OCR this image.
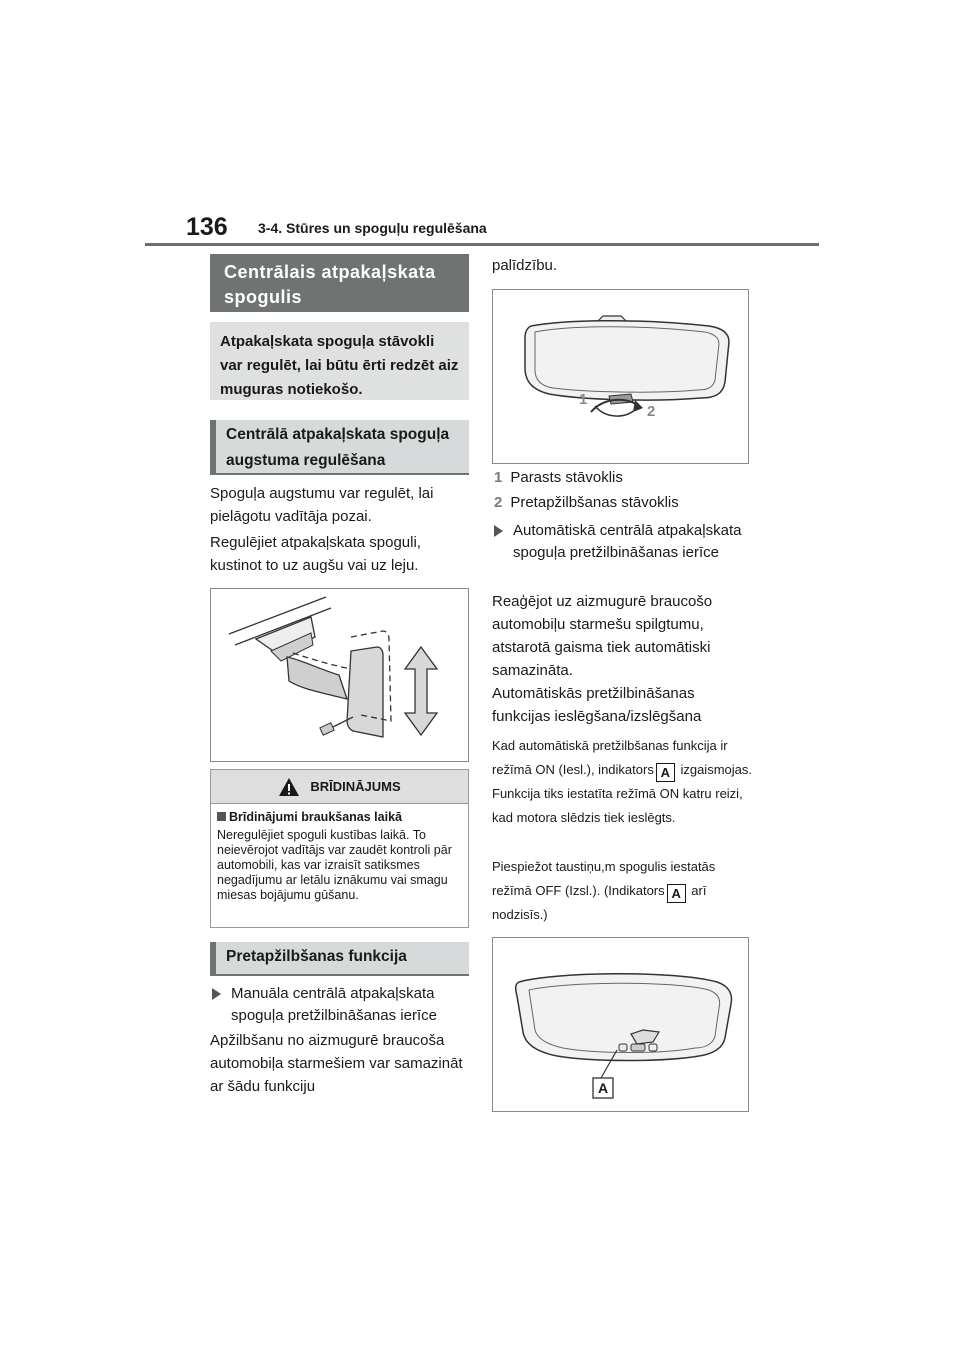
136 3-4. Stūres un spoguļu regulēšana
Centrālais atpakaļskata spogulis
Atpakaļskata spoguļa stāvokli var regulēt, lai būtu ērti redzēt aiz muguras notiekošo.
Centrālā atpakaļskata spoguļa augstuma regulēšana
Spoguļa augstumu var regulēt, lai pielāgotu vadītāja pozai.
Regulējiet atpakaļskata spoguli, kustinot to uz augšu vai uz leju.
BRĪDINĀJUMS
Brīdinājumi braukšanas laikā
Neregulējiet spoguli kustības laikā. To neievērojot vadītājs var zaudēt kontroli pār automobili, kas var izraisīt satiksmes negadījumu ar letālu iznākumu vai smagu miesas bojājumu gūšanu.
Pretapžilbšanas funkcija
Manuāla centrālā atpakaļskata spoguļa pretžilbināšanas ierīce
Apžilbšanu no aizmugurē braucoša automobiļa starmešiem var samazināt ar šādu funkciju
palīdzību.
1
2
1 Parasts stāvoklis
2 Pretapžilbšanas stāvoklis
Automātiskā centrālā atpakaļskata spoguļa pretžilbināšanas ierīce
Reaģējot uz aizmugurē braucošo automobiļu starmešu spilgtumu, atstarotā gaisma tiek automātiski samazināta.
Automātiskās pretžilbināšanas funkcijas ieslēgšana/izslēgšana
Kad automātiskā pretžilbšanas funkcija ir režīmā ON (Iesl.), indikators A izgaismojas. Funkcija tiks iestatīta režīmā ON katru reizi, kad motora slēdzis tiek ieslēgts.
Piespiežot taustiņu,m spogulis iestatās režīmā OFF (Izsl.). (Indikators A arī nodzisīs.)
A
